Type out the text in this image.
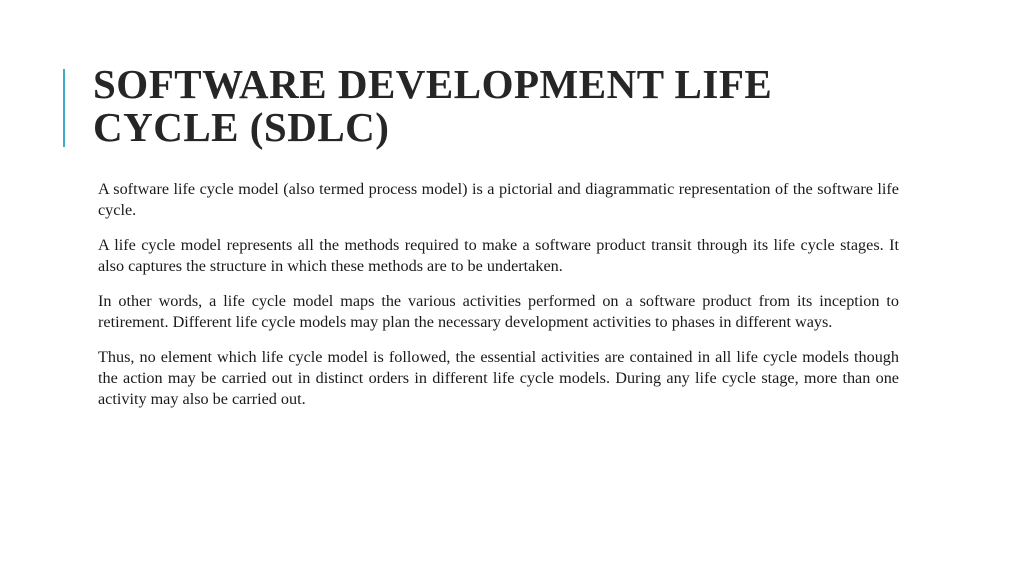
SOFTWARE DEVELOPMENT LIFE
CYCLE (SDLC)

A software life cycle model (also termed process model) is a pictorial and diagrammatic representation of the software life cycle.

A life cycle model represents all the methods required to make a software product transit through its life cycle stages. It also captures the structure in which these methods are to be undertaken.

In other words, a life cycle model maps the various activities performed on a software product from its inception to retirement. Different life cycle models may plan the necessary development activities to phases in different ways.

Thus, no element which life cycle model is followed, the essential activities are contained in all life cycle models though the action may be carried out in distinct orders in different life cycle models. During any life cycle stage, more than one activity may also be carried out.
